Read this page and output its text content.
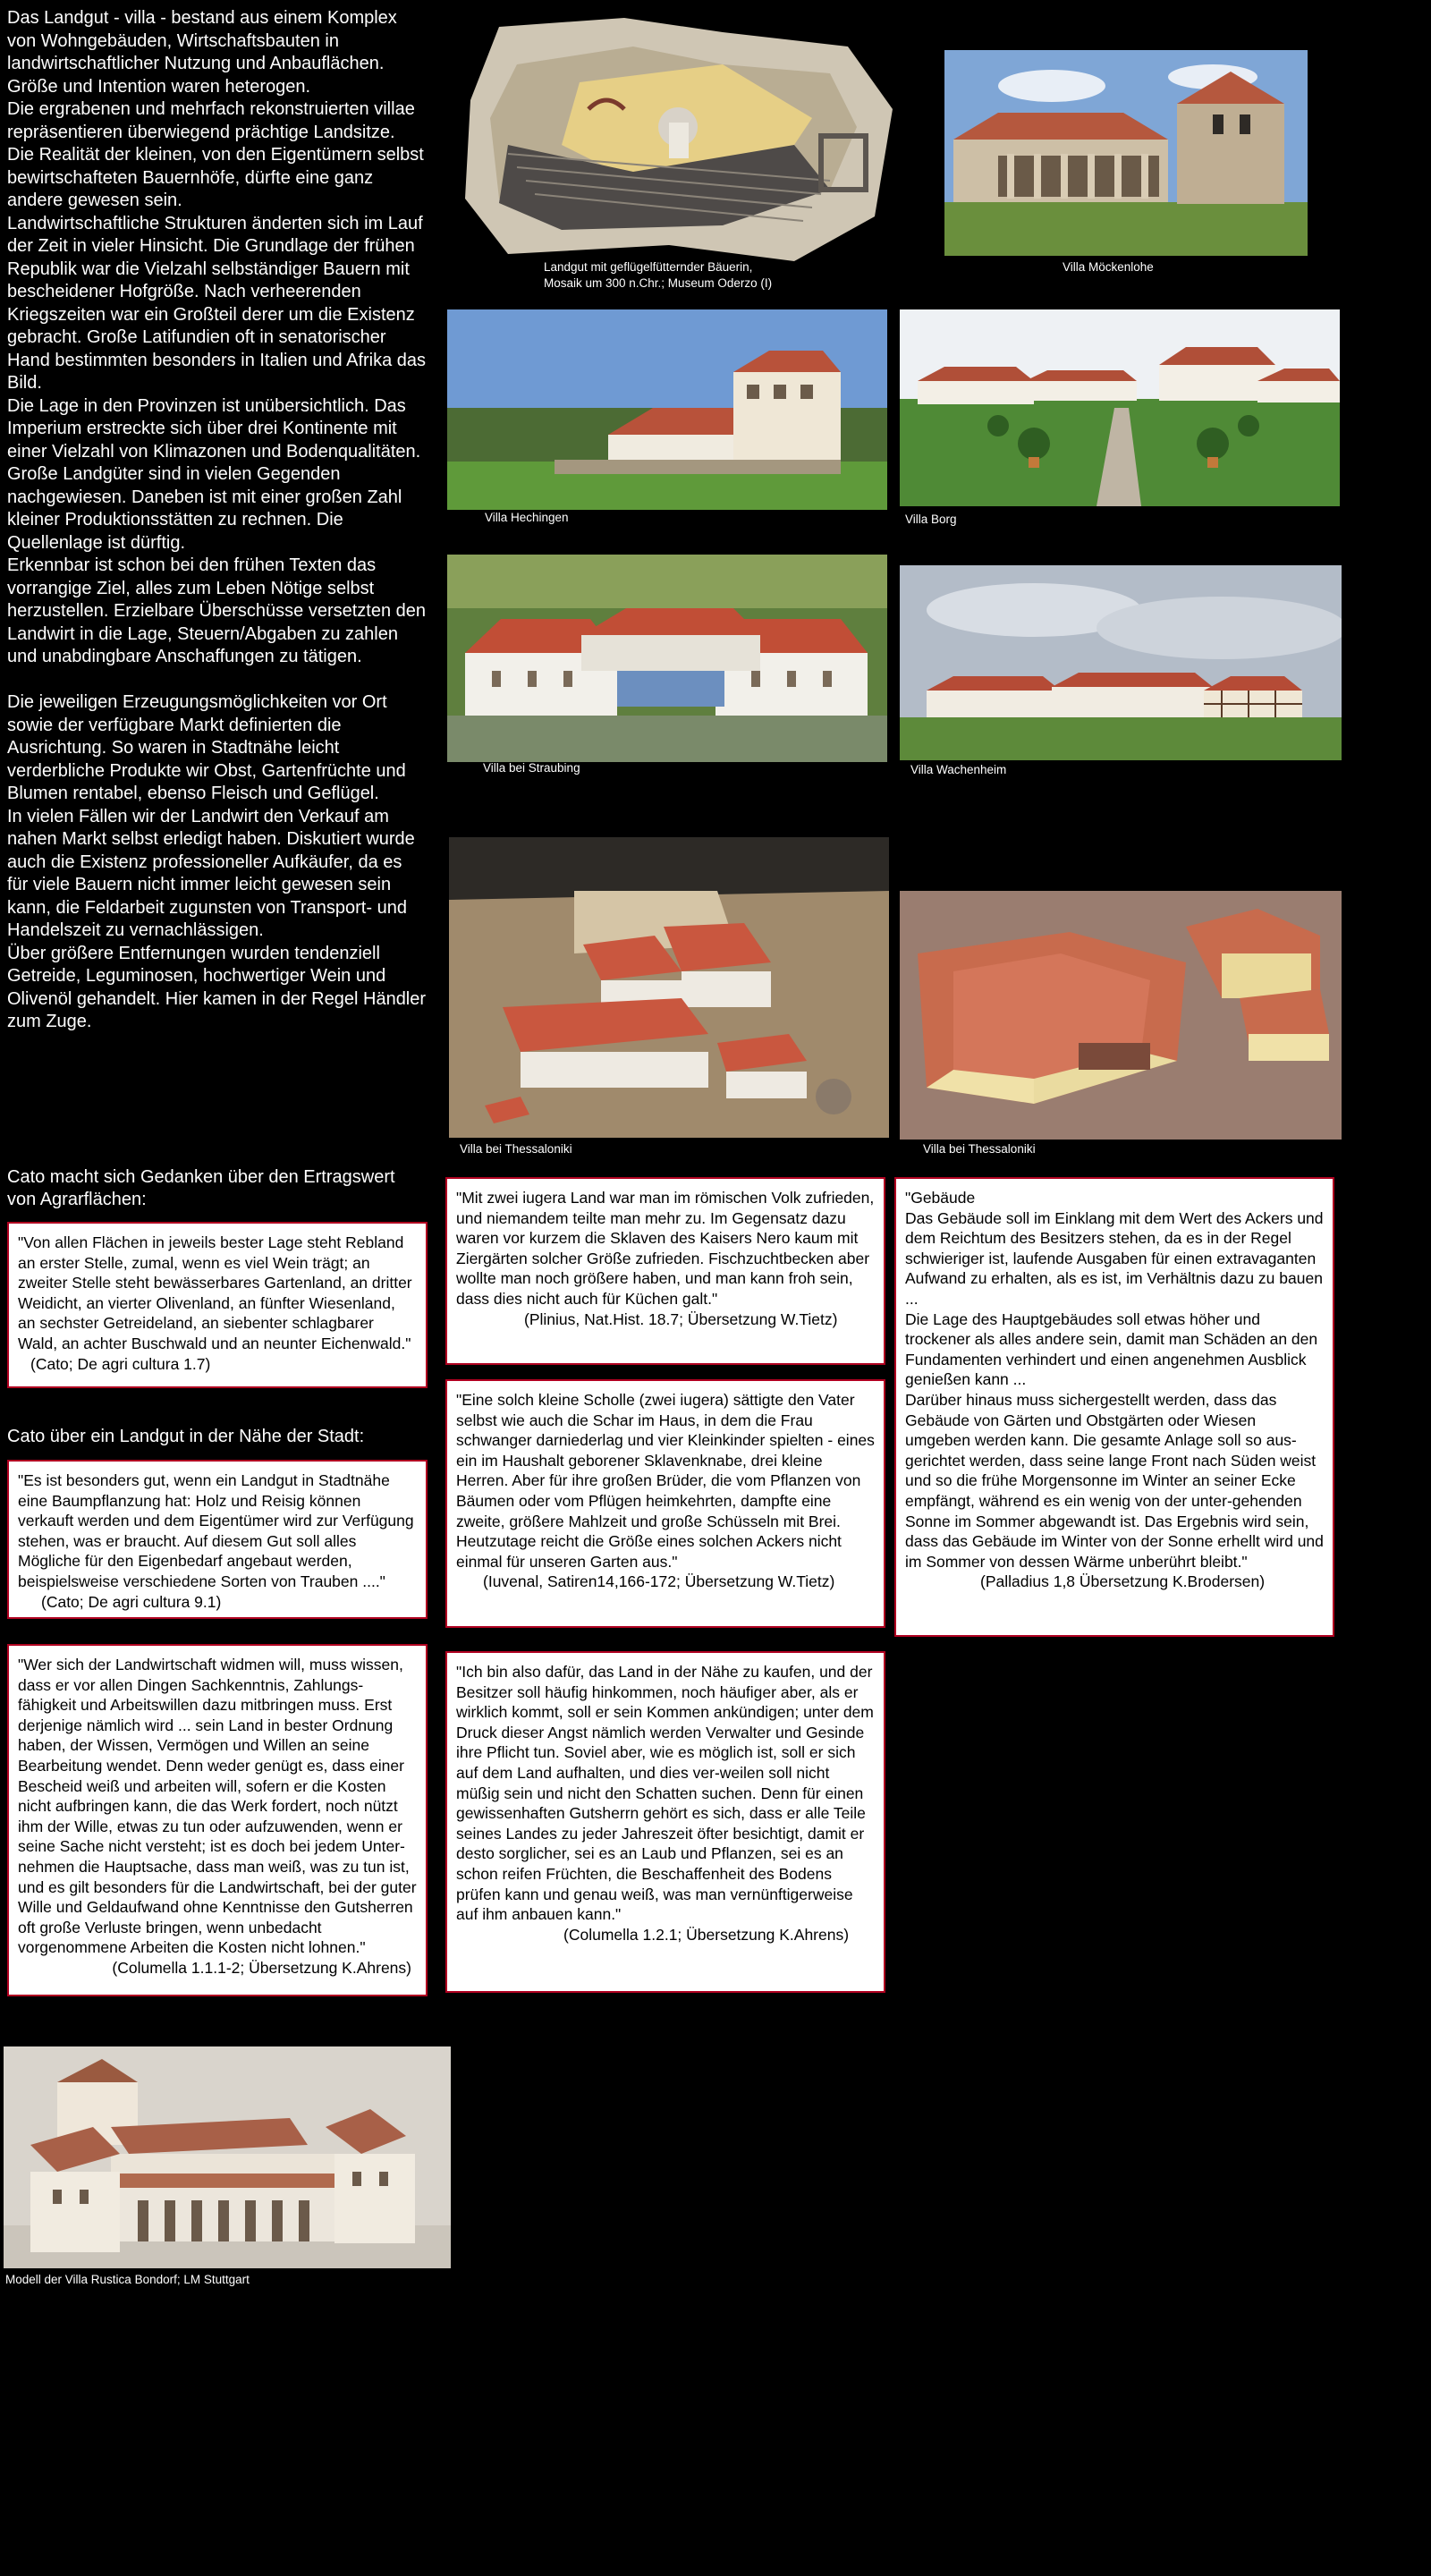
Das Landgut - villa - bestand aus einem Komplex von Wohngebäuden, Wirtschaftsbauten in landwirtschaftlicher Nutzung und Anbauflächen. Größe und Intention waren heterogen.
Die ergrabenen und mehrfach rekonstruierten villae repräsentieren überwiegend prächtige Landsitze.
Die Realität der kleinen, von den Eigentümern selbst bewirtschafteten Bauernhöfe, dürfte eine ganz andere gewesen sein.
Landwirtschaftliche Strukturen änderten sich im Lauf der Zeit in vieler Hinsicht. Die Grundlage der frühen Republik war die Vielzahl selbständiger Bauern mit bescheidener Hofgröße. Nach verheerenden Kriegszeiten war ein Großteil derer um die Existenz gebracht. Große Latifundien oft in senatorischer Hand bestimmten besonders in Italien und Afrika das Bild.
Die Lage in den Provinzen ist unübersichtlich. Das Imperium erstreckte sich über drei Kontinente mit einer Vielzahl von Klimazonen und Bodenqualitäten.
Große Landgüter sind in vielen Gegenden nachgewiesen. Daneben ist mit einer großen Zahl kleiner Produktionsstätten zu rechnen. Die Quellenlage ist dürftig.
Erkennbar ist schon bei den frühen Texten das vorrangige Ziel, alles zum Leben Nötige selbst herzustellen. Erzielbare Überschüsse versetzten den Landwirt in die Lage, Steuern/Abgaben zu zahlen und unabdingbare Anschaffungen zu tätigen.

Die jeweiligen Erzeugungsmöglichkeiten vor Ort sowie der verfügbare Markt definierten die Ausrichtung. So waren in Stadtnähe leicht verderbliche Produkte wir Obst, Gartenfrüchte und Blumen rentabel, ebenso Fleisch und Geflügel.
In vielen Fällen wir der Landwirt den Verkauf am nahen Markt selbst erledigt haben. Diskutiert wurde auch die Existenz professioneller Aufkäufer, da es für viele Bauern nicht immer leicht gewesen sein kann, die Feldarbeit zugunsten von Transport- und Handelszeit zu vernachlässigen.
Über größere Entfernungen wurden tendenziell Getreide, Leguminosen, hochwertiger Wein und Olivenöl gehandelt. Hier kamen in der Regel Händler zum Zuge.
Cato macht sich Gedanken über den Ertragswert
von Agrarflächen:
"Von allen Flächen in jeweils bester Lage steht Rebland an erster Stelle, zumal, wenn es viel Wein trägt; an zweiter Stelle steht bewässerbares Gartenland, an dritter Weidicht, an vierter Olivenland, an fünfter Wiesenland, an sechster Getreideland, an siebenter schlagbarer Wald, an achter Buschwald und an neunter Eichenwald." (Cato; De agri cultura 1.7)
Cato über ein Landgut in der Nähe der Stadt:
"Es ist besonders gut, wenn ein Landgut in Stadtnähe eine Baumpflanzung hat: Holz und Reisig können verkauft werden und dem Eigentümer wird zur Verfügung stehen, was er braucht. Auf diesem Gut soll alles Mögliche für den Eigenbedarf angebaut werden, beispielsweise verschiedene Sorten von Trauben ...." (Cato; De agri cultura 9.1)
"Wer sich der Landwirtschaft widmen will, muss wissen, dass er vor allen Dingen Sachkenntnis, Zahlungs-fähigkeit und Arbeitswillen dazu mitbringen muss. Erst derjenige nämlich wird ... sein Land in bester Ordnung haben, der Wissen, Vermögen und Willen an seine Bearbeitung wendet. Denn weder genügt es, dass einer Bescheid weiß und arbeiten will, sofern er die Kosten nicht aufbringen kann, die das Werk fordert, noch nützt ihm der Wille, etwas zu tun oder aufzuwenden, wenn er seine Sache nicht versteht; ist es doch bei jedem Unter-nehmen die Hauptsache, dass man weiß, was zu tun ist, und es gilt besonders für die Landwirtschaft, bei der guter Wille und Geldaufwand ohne Kenntnisse den Gutsherren oft große Verluste bringen, wenn unbedacht vorgenommene Arbeiten die Kosten nicht lohnen."
(Columella 1.1.1-2; Übersetzung K.Ahrens)
"Mit zwei iugera Land war man im römischen Volk zufrieden, und niemandem teilte man mehr zu. Im Gegensatz dazu waren vor kurzem die Sklaven des Kaisers Nero kaum mit Ziergärten solcher Größe zufrieden. Fischzuchtbecken aber wollte man noch größere haben, und man kann froh sein, dass dies nicht auch für Küchen galt."
(Plinius, Nat.Hist. 18.7; Übersetzung W.Tietz)
"Eine solch kleine Scholle (zwei iugera) sättigte den Vater selbst wie auch die Schar im Haus, in dem die Frau schwanger darniederlag und vier Kleinkinder spielten - eines ein im Haushalt geborener Sklavenknabe, drei kleine Herren. Aber für ihre großen Brüder, die vom Pflanzen von Bäumen oder vom Pflügen heimkehrten, dampfte eine zweite, größere Mahlzeit und große Schüsseln mit Brei. Heutzutage reicht die Größe eines solchen Ackers nicht einmal für unseren Garten aus."
(Iuvenal, Satiren14,166-172; Übersetzung W.Tietz)
"Ich bin also dafür, das Land in der Nähe zu kaufen, und der Besitzer soll häufig hinkommen, noch häufiger aber, als er wirklich kommt, soll er sein Kommen ankündigen; unter dem Druck dieser Angst nämlich werden Verwalter und Gesinde ihre Pflicht tun. Soviel aber, wie es möglich ist, soll er sich auf dem Land aufhalten, und dies ver-weilen soll nicht müßig sein und nicht den Schatten suchen. Denn für einen gewissenhaften Gutsherrn gehört es sich, dass er alle Teile seines Landes zu jeder Jahreszeit öfter besichtigt, damit er desto sorglicher, sei es an Laub und Pflanzen, sei es an schon reifen Früchten, die Beschaffenheit des Bodens prüfen kann und genau weiß, was man vernünftigerweise auf ihm anbauen kann."
(Columella 1.2.1; Übersetzung K.Ahrens)
"Gebäude
Das Gebäude soll im Einklang mit dem Wert des Ackers und dem Reichtum des Besitzers stehen, da es in der Regel schwieriger ist, laufende Ausgaben für einen extravaganten Aufwand zu erhalten, als es ist, im Verhältnis dazu zu bauen ...
Die Lage des Hauptgebäudes soll etwas höher und trockener als alles andere sein, damit man Schäden an den Fundamenten verhindert und einen angenehmen Ausblick genießen kann ...
Darüber hinaus muss sichergestellt werden, dass das Gebäude von Gärten und Obstgärten oder Wiesen umgeben werden kann. Die gesamte Anlage soll so aus-gerichtet werden, dass seine lange Front nach Süden weist und so die frühe Morgensonne im Winter an seiner Ecke empfängt, während es ein wenig von der unter-gehenden Sonne im Sommer abgewandt ist. Das Ergebnis wird sein, dass das Gebäude im Winter von der Sonne erhellt wird und im Sommer von dessen Wärme unberührt bleibt."
(Palladius 1,8 Übersetzung K.Brodersen)
Landgut mit geflügelfütternder Bäuerin,
Mosaik um 300 n.Chr.; Museum Oderzo (I)
Villa Möckenlohe
Villa Hechingen	Villa Borg
Villa bei Straubing	Villa Wachenheim
Villa bei Thessaloniki	Villa bei Thessaloniki
Modell der Villa Rustica Bondorf; LM Stuttgart
